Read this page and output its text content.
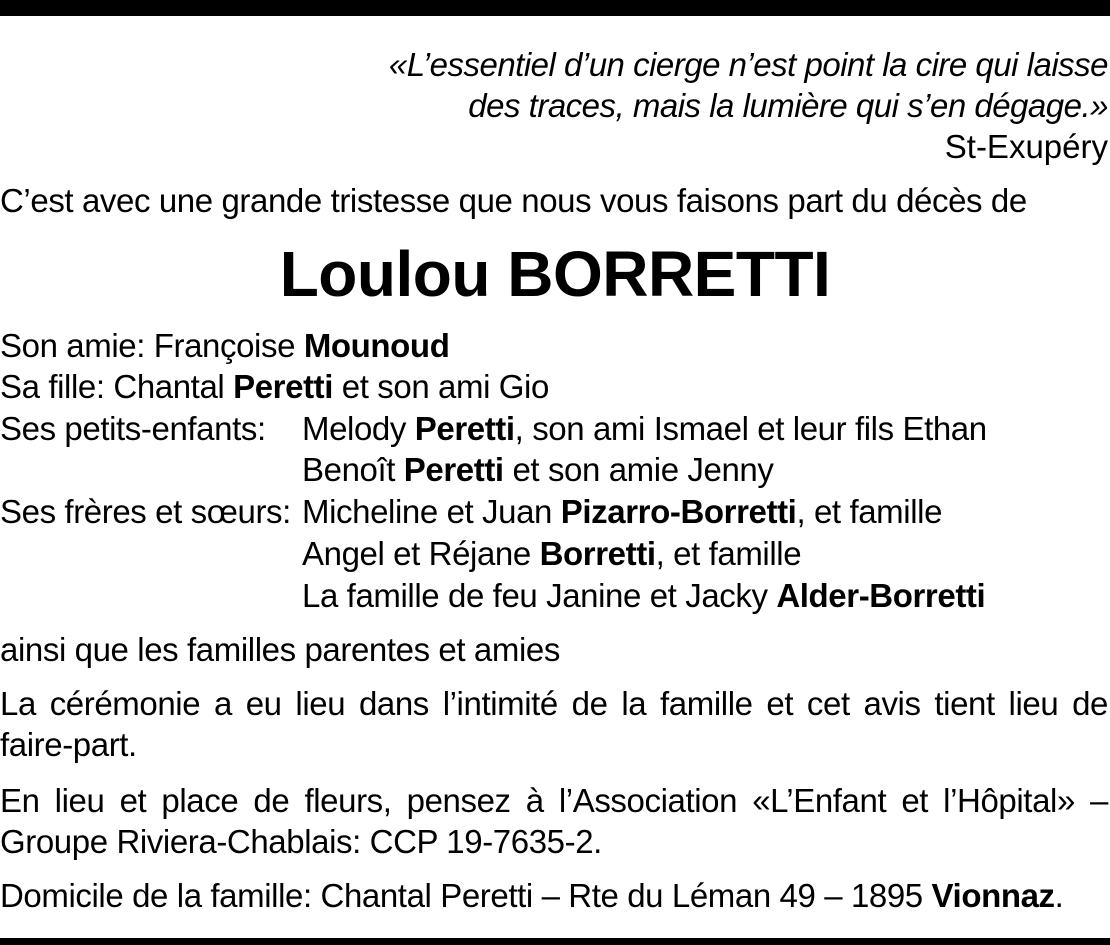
«L’essentiel d’un cierge n’est point la cire qui laisse
des traces, mais la lumière qui s’en dégage.»
St-Exupéry
C’est avec une grande tristesse que nous vous faisons part du décès de
Loulou BORRETTI
Son amie: Françoise Mounoud
Sa fille: Chantal Peretti et son ami Gio
Ses petits-enfants: Melody Peretti, son ami Ismael et leur fils Ethan
Benoît Peretti et son amie Jenny
Ses frères et sœurs: Micheline et Juan Pizarro-Borretti, et famille
Angel et Réjane Borretti, et famille
La famille de feu Janine et Jacky Alder-Borretti
ainsi que les familles parentes et amies
La cérémonie a eu lieu dans l’intimité de la famille et cet avis tient lieu de faire-part.
En lieu et place de fleurs, pensez à l’Association «L’Enfant et l’Hôpital» – Groupe Riviera-Chablais: CCP 19-7635-2.
Domicile de la famille: Chantal Peretti – Rte du Léman 49 – 1895 Vionnaz.
